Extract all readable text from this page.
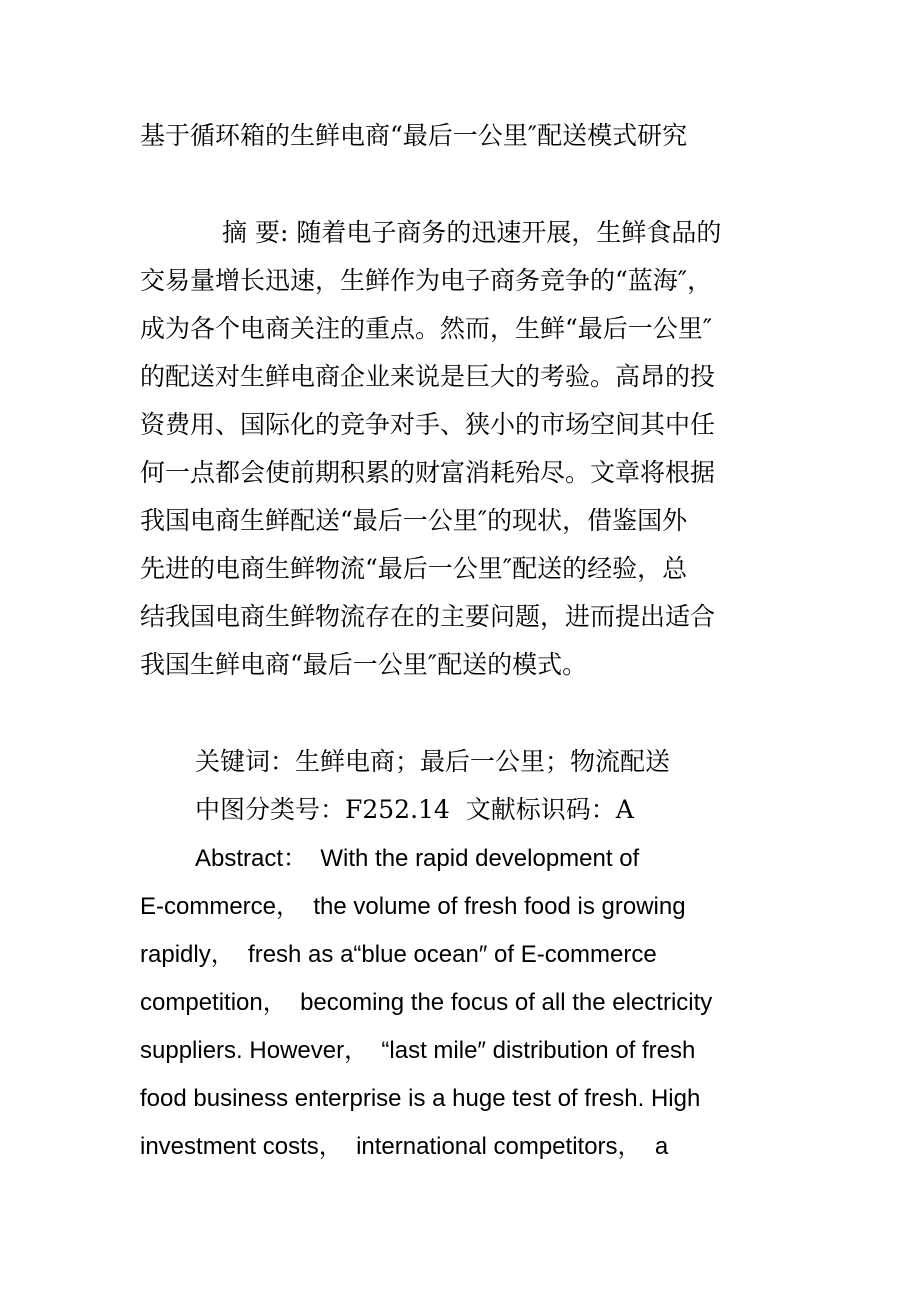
基于循环箱的生鲜电商“最后一公里″配送模式研究
摘 要: 随着电子商务的迅速开展，生鲜食品的
交易量增长迅速，生鲜作为电子商务竞争的“蓝海″，
成为各个电商关注的重点。然而，生鲜“最后一公里″
的配送对生鲜电商企业来说是巨大的考验。高昂的投
资费用、国际化的竞争对手、狭小的市场空间其中任
何一点都会使前期积累的财富消耗殆尽。文章将根据
我国电商生鲜配送“最后一公里″的现状，借鉴国外
先进的电商生鲜物流“最后一公里″配送的经验，总
结我国电商生鲜物流存在的主要问题，进而提出适合
我国生鲜电商“最后一公里″配送的模式。
关键词：生鲜电商；最后一公里；物流配送
中图分类号：F252.14  文献标识码：A
Abstract：  With the rapid development of
E-commerce，  the volume of fresh food is growing
rapidly，  fresh as a“blue ocean″ of E-commerce
competition，  becoming the focus of all the electricity
suppliers. However，  “last mile″ distribution of fresh
food business enterprise is a huge test of fresh. High
investment costs，  international competitors，  a
